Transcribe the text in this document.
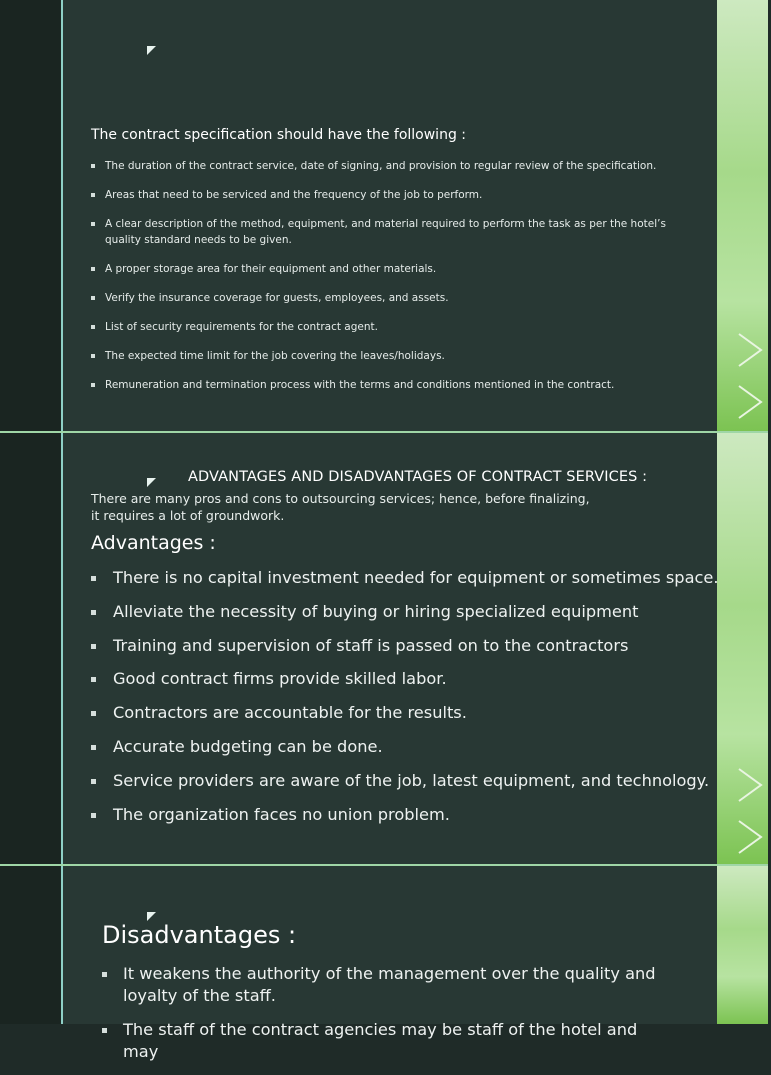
The contract specification should have the following :

The duration of the contract service, date of signing, and provision to regular review of the specification.
Areas that need to be serviced and the frequency of the job to perform.
A clear description of the method, equipment, and material required to perform the task as per the hotel’s quality standard needs to be given.
A proper storage area for their equipment and other materials.
Verify the insurance coverage for guests, employees, and assets.
List of security requirements for the contract agent.
The expected time limit for the job covering the leaves/holidays.
Remuneration and termination process with the terms and conditions mentioned in the contract.

ADVANTAGES AND DISADVANTAGES OF CONTRACT SERVICES :

There are many pros and cons to outsourcing services; hence, before finalizing,
it requires a lot of groundwork.

Advantages :

There is no capital investment needed for equipment or sometimes space.
Alleviate the necessity of buying or hiring specialized equipment
Training and supervision of staff is passed on to the contractors
Good contract firms provide skilled labor.
Contractors are accountable for the results.
Accurate budgeting can be done.
Service providers are aware of the job, latest equipment, and technology.
The organization faces no union problem.

Disadvantages :

It weakens the authority of the management over the quality and loyalty of the staff.
The staff of the contract agencies may be staff of the hotel and may
